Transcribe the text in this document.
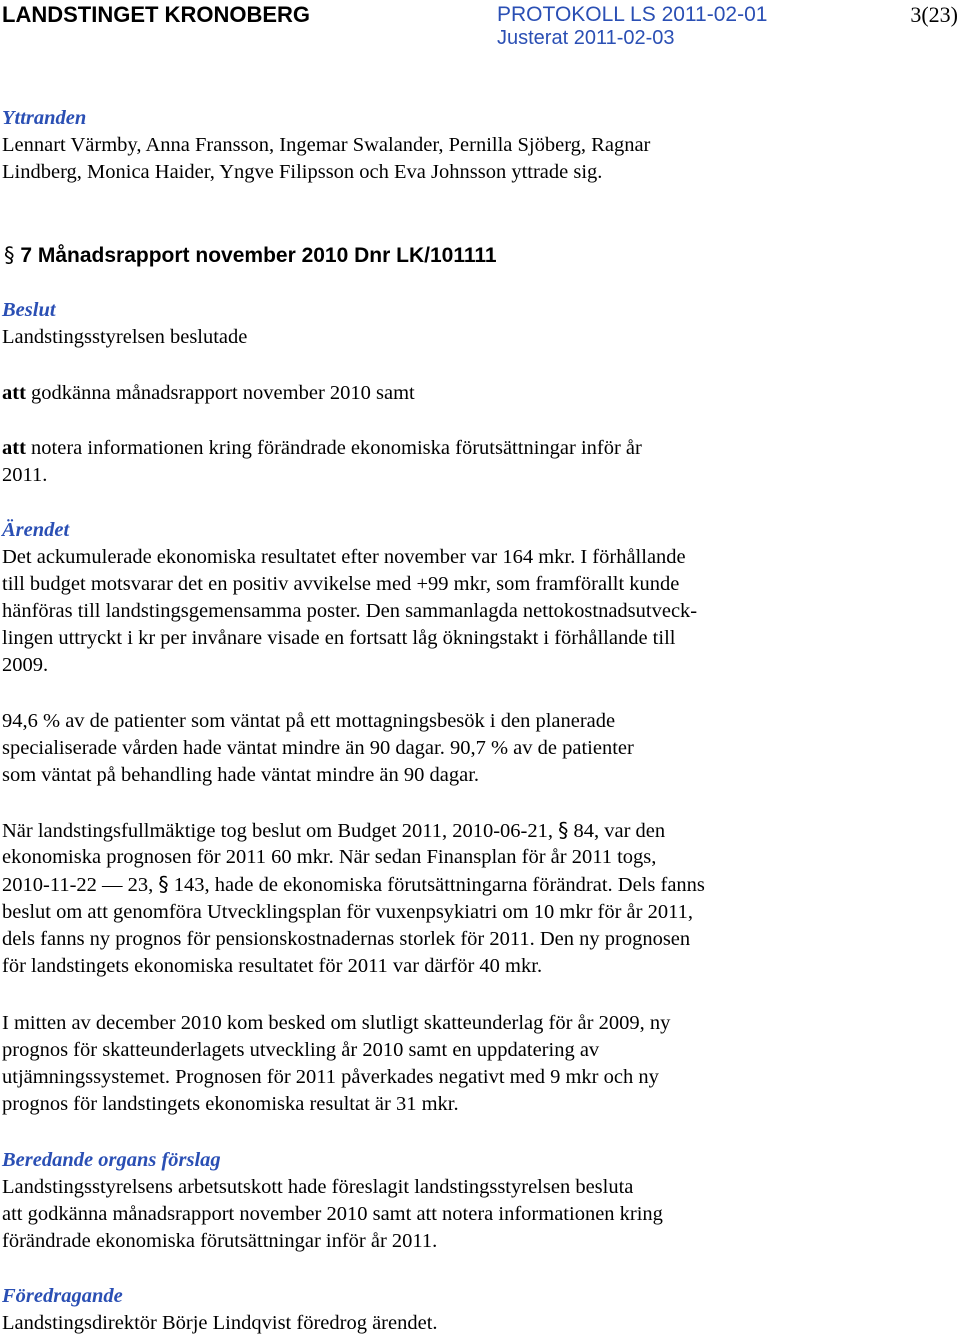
LANDSTINGET KRONOBERG	PROTOKOLL LS 2011-02-01
Justerat 2011-02-03
3(23)
Yttranden
Lennart Värmby, Anna Fransson, Ingemar Swalander, Pernilla Sjöberg, Ragnar
Lindberg, Monica Haider, Yngve Filipsson och Eva Johnsson yttrade sig.
§ 7 Månadsrapport november 2010 Dnr LK/101111
Beslut
Landstingsstyrelsen beslutade
att godkänna månadsrapport november 2010 samt
att notera informationen kring förändrade ekonomiska förutsättningar inför år
2011.
Ärendet
Det ackumulerade ekonomiska resultatet efter november var 164 mkr. I förhållande
till budget motsvarar det en positiv avvikelse med +99 mkr, som framförallt kunde
hänföras till landstingsgemensamma poster. Den sammanlagda nettokostnadsutveck-
lingen uttryckt i kr per invånare visade en fortsatt låg ökningstakt i förhållande till
2009.
94,6 % av de patienter som väntat på ett mottagningsbesök i den planerade
specialiserade vården hade väntat mindre än 90 dagar. 90,7 % av de patienter
som väntat på behandling hade väntat mindre än 90 dagar.
När landstingsfullmäktige tog beslut om Budget 2011, 2010-06-21, § 84, var den
ekonomiska prognosen för 2011 60 mkr. När sedan Finansplan för år 2011 togs,
2010-11-22 ― 23, § 143, hade de ekonomiska förutsättningarna förändrat. Dels fanns
beslut om att genomföra Utvecklingsplan för vuxenpsykiatri om 10 mkr för år 2011,
dels fanns ny prognos för pensionskostnadernas storlek för 2011. Den ny prognosen
för landstingets ekonomiska resultatet för 2011 var därför 40 mkr.
I mitten av december 2010 kom besked om slutligt skatteunderlag för år 2009, ny
prognos för skatteunderlagets utveckling år 2010 samt en uppdatering av
utjämningssystemet. Prognosen för 2011 påverkades negativt med 9 mkr och ny
prognos för landstingets ekonomiska resultat är 31 mkr.
Beredande organs förslag
Landstingsstyrelsens arbetsutskott hade föreslagit landstingsstyrelsen besluta
att godkänna månadsrapport november 2010 samt att notera informationen kring
förändrade ekonomiska förutsättningar inför år 2011.
Föredragande
Landstingsdirektör Börje Lindqvist föredrog ärendet.
